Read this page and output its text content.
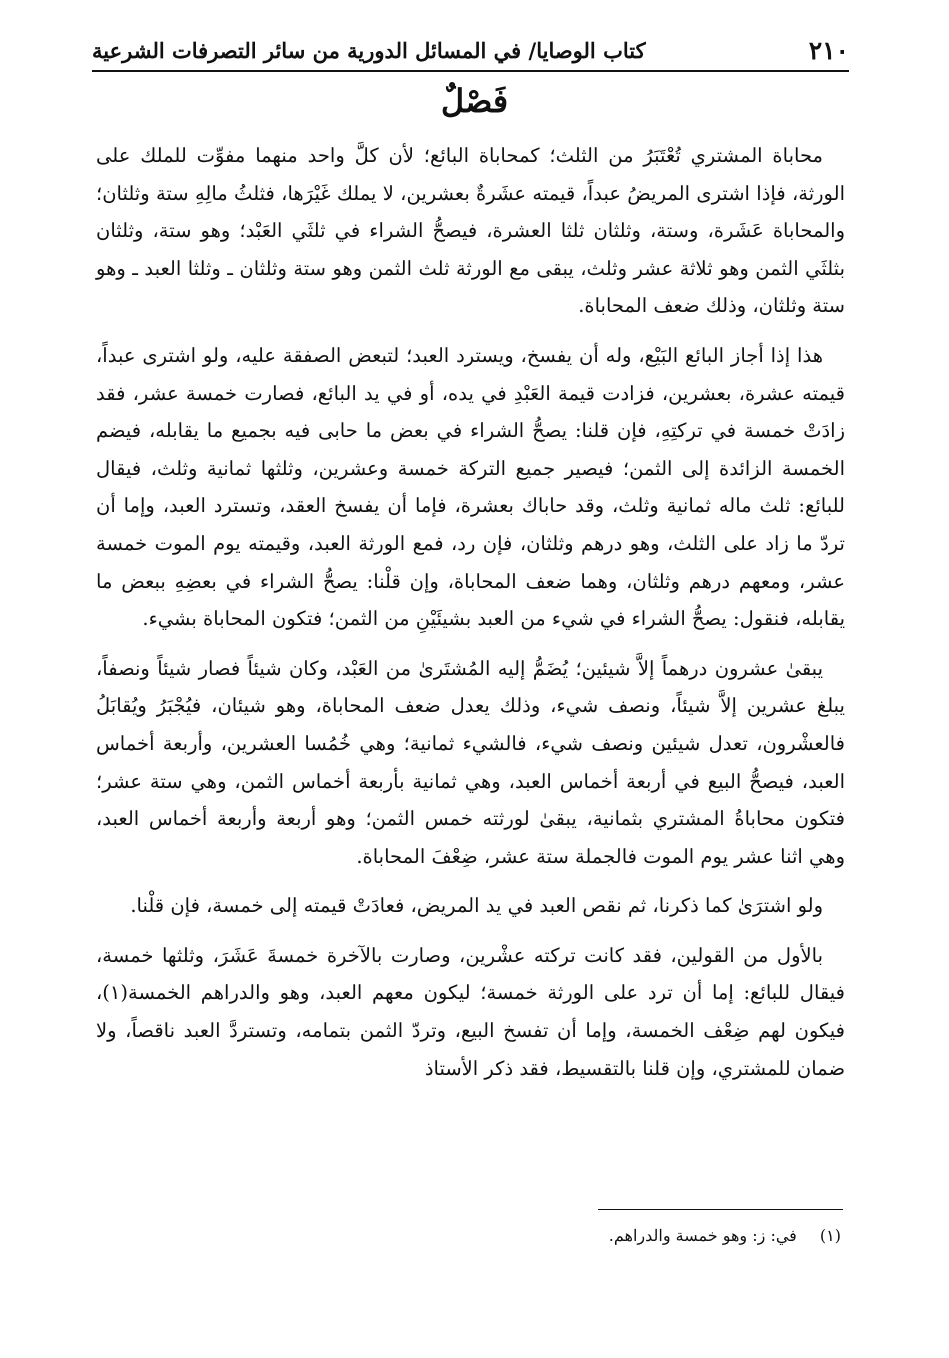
٢١٠
كتاب الوصايا/ في المسائل الدورية من سائر التصرفات الشرعية
فَصْلٌ

محاباة المشتري تُعْتَبَرُ من الثلث؛ كمحاباة البائع؛ لأن كلَّ واحد منهما مفوِّت للملك على الورثة، فإذا اشترى المريضُ عبداً، قيمته عشَرةٌ بعشرين، لا يملك غَيْرَها، فثلثُ مالِهِ ستة وثلثان؛ والمحاباة عَشَرة، وستة، وثلثان ثلثا العشرة، فيصحُّ الشراء في ثلثَي العَبْد؛ وهو ستة، وثلثان بثلثَي الثمن وهو ثلاثة عشر وثلث، يبقى مع الورثة ثلث الثمن وهو ستة وثلثان ـ وثلثا العبد ـ وهو ستة وثلثان، وذلك ضعف المحاباة.

هذا إذا أجاز البائع البَيْع، وله أن يفسخ، ويسترد العبد؛ لتبعض الصفقة عليه، ولو اشترى عبداً، قيمته عشرة، بعشرين، فزادت قيمة العَبْدِ في يده، أو في يد البائع، فصارت خمسة عشر، فقد زادَتْ خمسة في تركتِهِ، فإن قلنا: يصحُّ الشراء في بعض ما حابى فيه بجميع ما يقابله، فيضم الخمسة الزائدة إلى الثمن؛ فيصير جميع التركة خمسة وعشرين، وثلثها ثمانية وثلث، فيقال للبائع: ثلث ماله ثمانية وثلث، وقد حاباك بعشرة، فإما أن يفسخ العقد، وتسترد العبد، وإما أن تردّ ما زاد على الثلث، وهو درهم وثلثان، فإن رد، فمع الورثة العبد، وقيمته يوم الموت خمسة عشر، ومعهم درهم وثلثان، وهما ضعف المحاباة، وإن قلْنا: يصحُّ الشراء في بعضِهِ ببعض ما يقابله، فنقول: يصحُّ الشراء في شيء من العبد بشيئَيْنِ من الثمن؛ فتكون المحاباة بشيء.

يبقىٰ عشرون درهماً إلاَّ شيئين؛ يُضَمُّ إليه المُشتَرىٰ من العَبْد، وكان شيئاً فصار شيئاً ونصفاً، يبلغ عشرين إلاَّ شيئاً، ونصف شيء، وذلك يعدل ضعف المحاباة، وهو شيئان، فيُجْبَرُ ويُقابَلُ فالعشْرون، تعدل شيئين ونصف شيء، فالشيء ثمانية؛ وهي خُمُسا العشرين، وأربعة أخماس العبد، فيصحُّ البيع في أربعة أخماس العبد، وهي ثمانية بأربعة أخماس الثمن، وهي ستة عشر؛ فتكون محاباةُ المشتري بثمانية، يبقىٰ لورثته خمس الثمن؛ وهو أربعة وأربعة أخماس العبد، وهي اثنا عشر يوم الموت فالجملة ستة عشر، ضِعْفَ المحاباة.

ولو اشترَىٰ كما ذكرنا، ثم نقص العبد في يد المريض، فعادَتْ قيمته إلى خمسة، فإن قلْنا.

بالأول من القولين، فقد كانت تركته عشْرين، وصارت بالآخرة خمسةَ عَشَرَ، وثلثها خمسة، فيقال للبائع: إما أن ترد على الورثة خمسة؛ ليكون معهم العبد، وهو والدراهم الخمسة(١)، فيكون لهم ضِعْف الخمسة، وإما أن تفسخ البيع، وتردّ الثمن بتمامه، وتستردَّ العبد ناقصاً، ولا ضمان للمشتري، وإن قلنا بالتقسيط، فقد ذكر الأستاذ

(١) في: ز: وهو خمسة والدراهم.
